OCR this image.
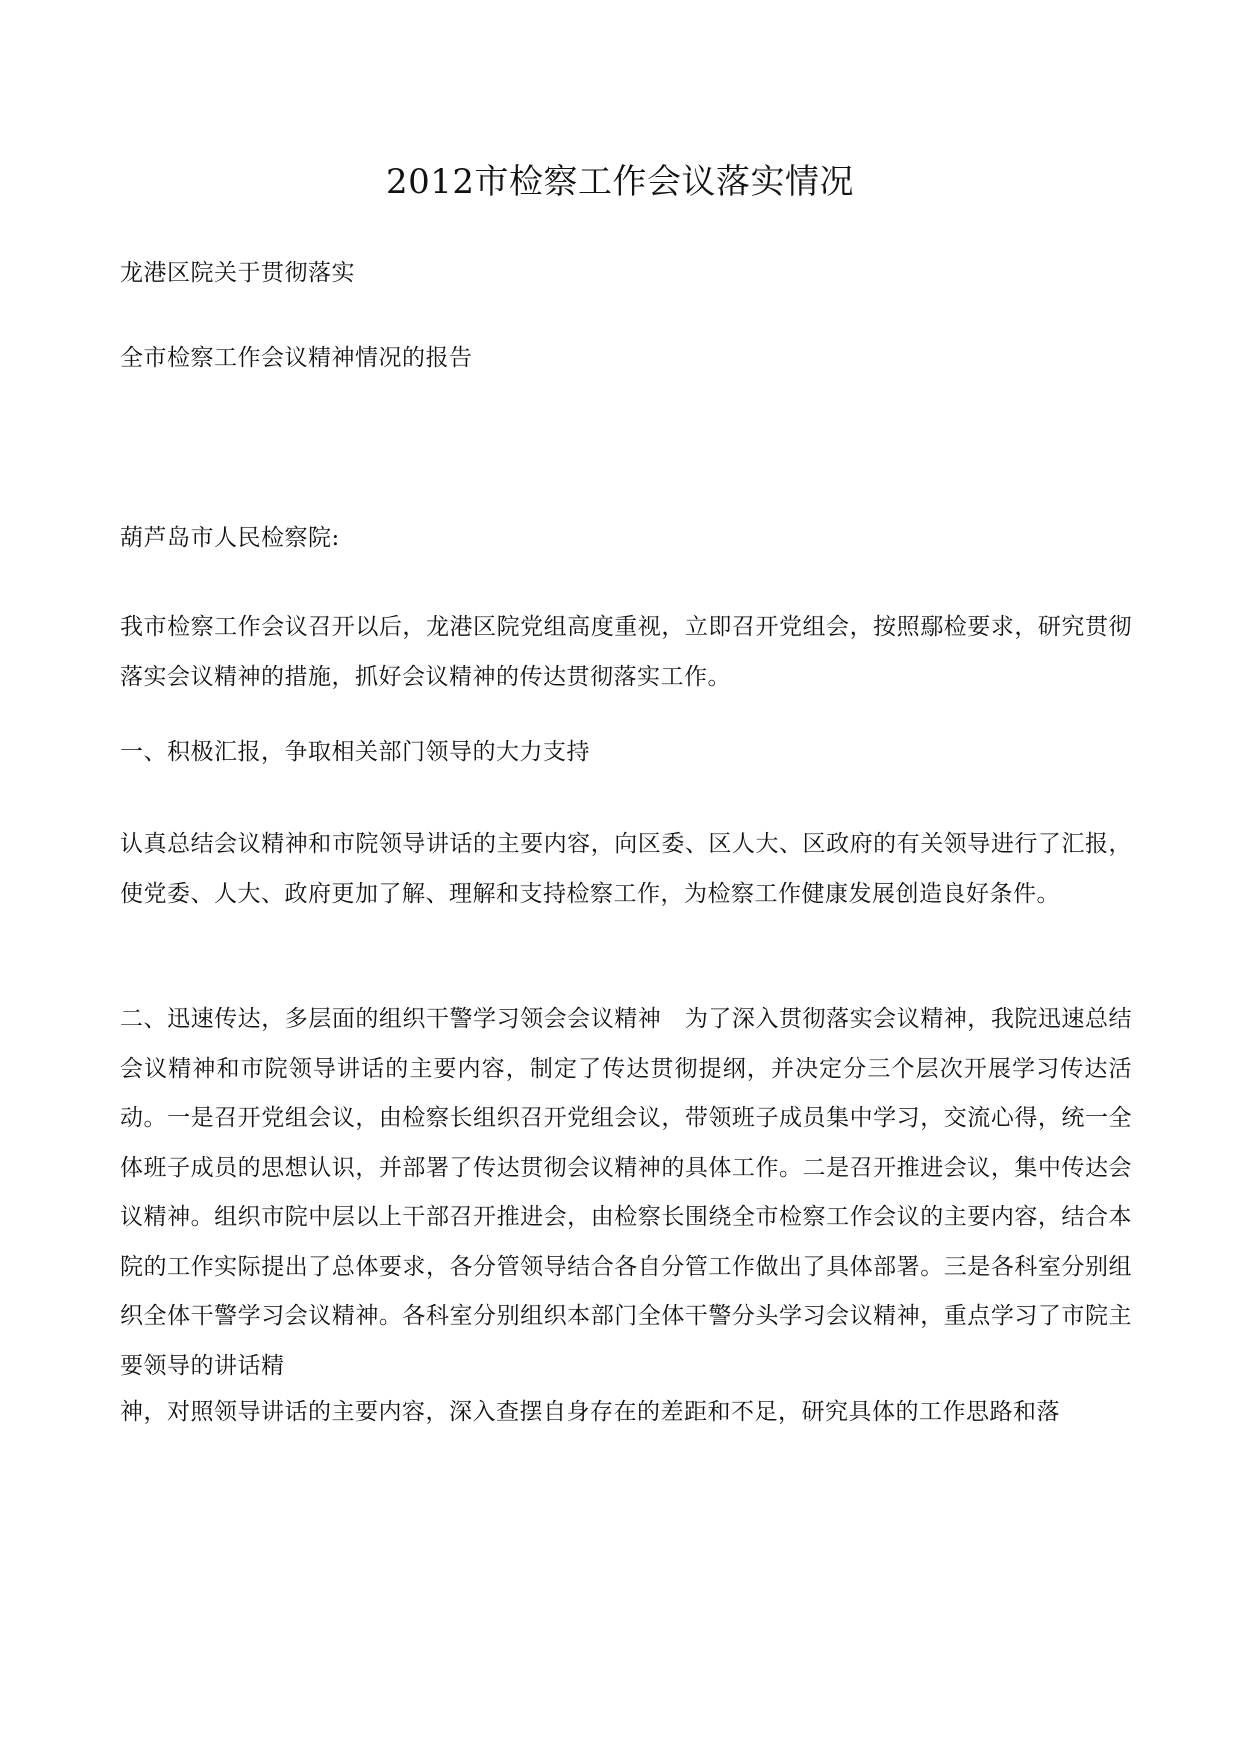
2012市检察工作会议落实情况

龙港区院关于贯彻落实

全市检察工作会议精神情况的报告

葫芦岛市人民检察院:

我市检察工作会议召开以后，龙港区院党组高度重视，立即召开党组会，按照鄢检要求，研究贯彻落实会议精神的措施，抓好会议精神的传达贯彻落实工作。

一、积极汇报，争取相关部门领导的大力支持

认真总结会议精神和市院领导讲话的主要内容，向区委、区人大、区政府的有关领导进行了汇报，使党委、人大、政府更加了解、理解和支持检察工作，为检察工作健康发展创造良好条件。

二、迅速传达，多层面的组织干警学习领会会议精神　为了深入贯彻落实会议精神，我院迅速总结会议精神和市院领导讲话的主要内容，制定了传达贯彻提纲，并决定分三个层次开展学习传达活动。一是召开党组会议，由检察长组织召开党组会议，带领班子成员集中学习，交流心得，统一全体班子成员的思想认识，并部署了传达贯彻会议精神的具体工作。二是召开推进会议，集中传达会议精神。组织市院中层以上干部召开推进会，由检察长围绕全市检察工作会议的主要内容，结合本院的工作实际提出了总体要求，各分管领导结合各自分管工作做出了具体部署。三是各科室分别组织全体干警学习会议精神。各科室分别组织本部门全体干警分头学习会议精神，重点学习了市院主要领导的讲话精

神，对照领导讲话的主要内容，深入查摆自身存在的差距和不足，研究具体的工作思路和落
